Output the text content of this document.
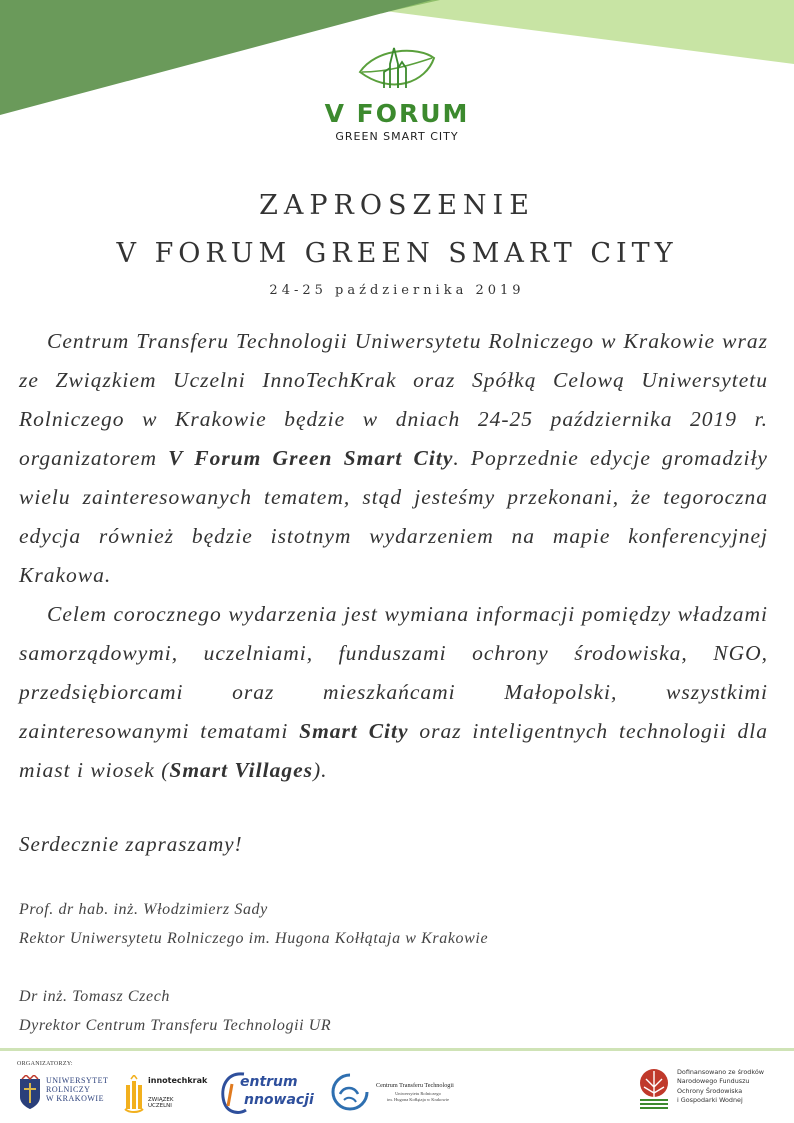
V FORUM
GREEN SMART CITY
ZAPROSZENIE
V FORUM GREEN SMART CITY
24-25 października 2019

Centrum Transferu Technologii Uniwersytetu Rolniczego w Krakowie wraz ze Związkiem Uczelni InnoTechKrak oraz Spółką Celową Uniwersytetu Rolniczego w Krakowie będzie w dniach 24-25 października 2019 r. organizatorem V Forum Green Smart City. Poprzednie edycje gromadziły wielu zainteresowanych tematem, stąd jesteśmy przekonani, że tegoroczna edycja również będzie istotnym wydarzeniem na mapie konferencyjnej Krakowa.

Celem corocznego wydarzenia jest wymiana informacji pomiędzy władzami samorządowymi, uczelniami, funduszami ochrony środowiska, NGO, przedsiębiorcami oraz mieszkańcami Małopolski, wszystkimi zainteresowanymi tematami Smart City oraz inteligentnych technologii dla miast i wiosek (Smart Villages).

Serdecznie zapraszamy!
Prof. dr hab. inż. Włodzimierz Sady
Rektor Uniwersytetu Rolniczego im. Hugona Kołłątaja w Krakowie
Dr inż. Tomasz Czech
Dyrektor Centrum Transferu Technologii UR
ORGANIZATORZY:
UNIWERSYTET
ROLNICZY
W KRAKOWIE
innotechkrak
ZWIĄZEK
UCZELNI
entrum
nnowacji
Centrum Transferu Technologii
Uniwersytetu Rolniczego
im. Hugona Kołłątaja w Krakowie
Dofinansowano ze środków
Narodowego Funduszu
Ochrony Środowiska
i Gospodarki Wodnej
